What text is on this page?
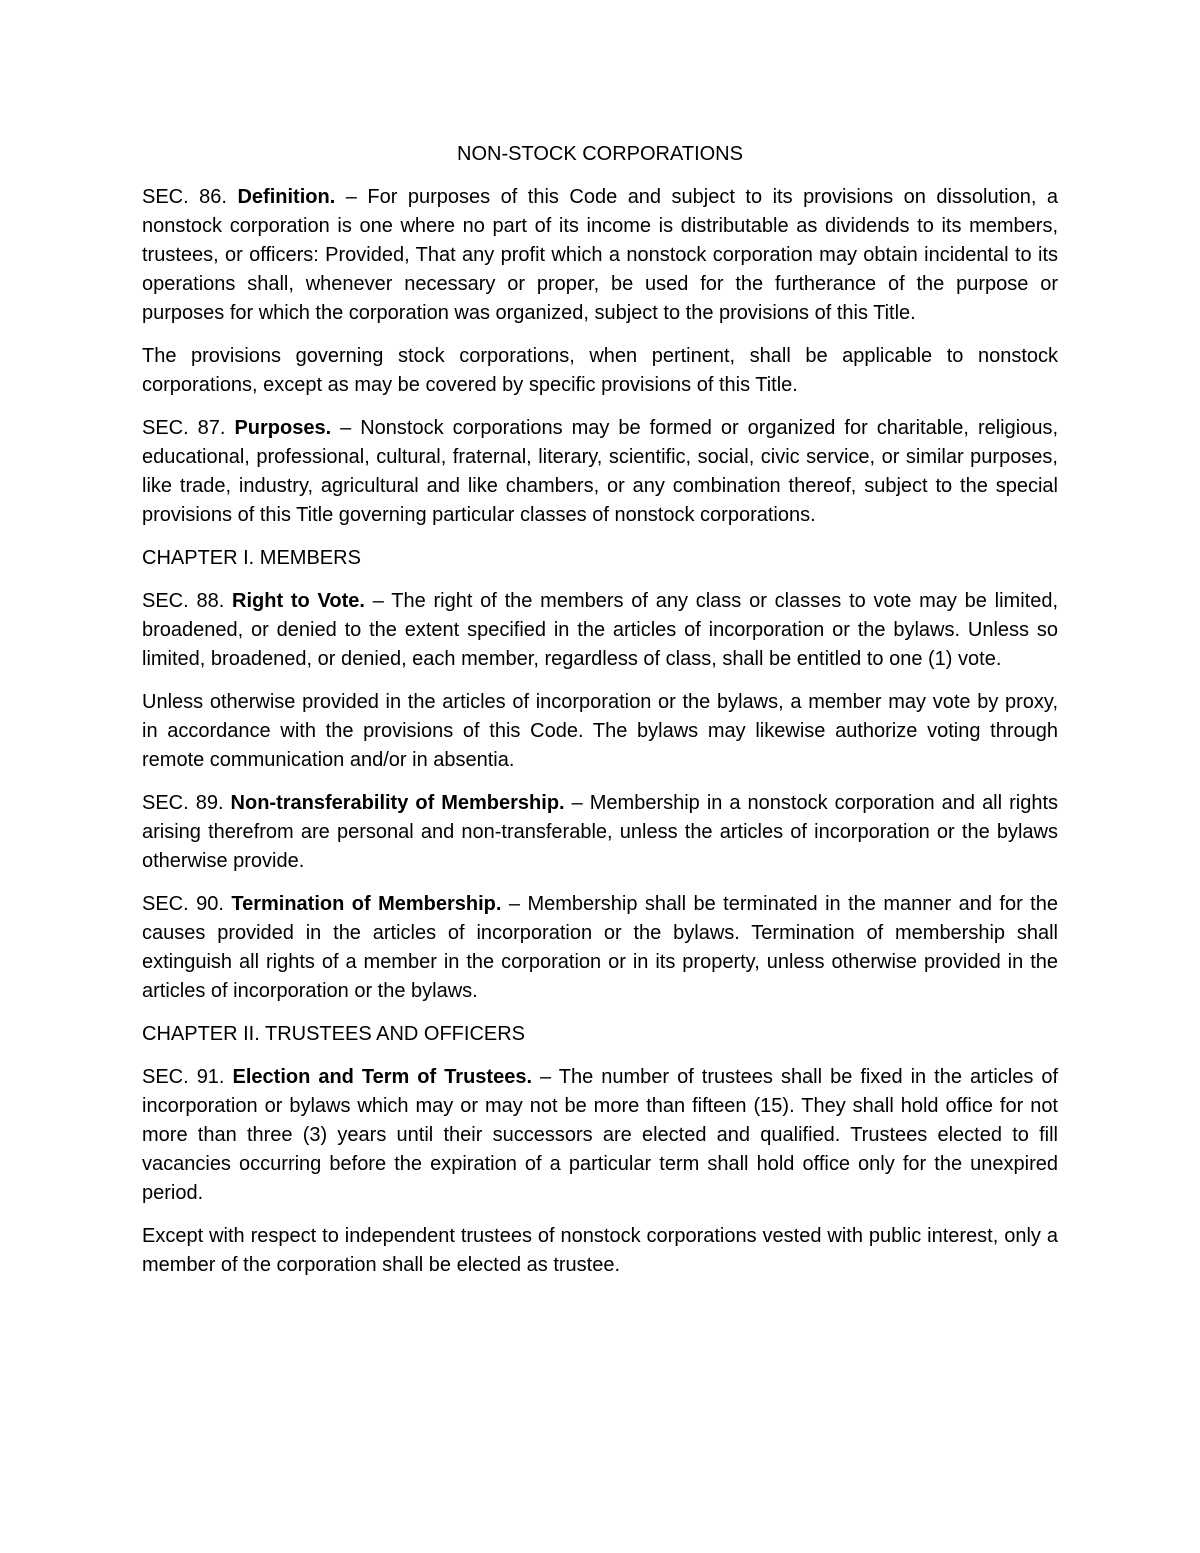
NON-STOCK CORPORATIONS

SEC. 86. Definition. – For purposes of this Code and subject to its provisions on dissolution, a nonstock corporation is one where no part of its income is distributable as dividends to its members, trustees, or officers: Provided, That any profit which a nonstock corporation may obtain incidental to its operations shall, whenever necessary or proper, be used for the furtherance of the purpose or purposes for which the corporation was organized, subject to the provisions of this Title.

The provisions governing stock corporations, when pertinent, shall be applicable to nonstock corporations, except as may be covered by specific provisions of this Title.

SEC. 87. Purposes. – Nonstock corporations may be formed or organized for charitable, religious, educational, professional, cultural, fraternal, literary, scientific, social, civic service, or similar purposes, like trade, industry, agricultural and like chambers, or any combination thereof, subject to the special provisions of this Title governing particular classes of nonstock corporations.

CHAPTER I. MEMBERS

SEC. 88. Right to Vote. – The right of the members of any class or classes to vote may be limited, broadened, or denied to the extent specified in the articles of incorporation or the bylaws. Unless so limited, broadened, or denied, each member, regardless of class, shall be entitled to one (1) vote.

Unless otherwise provided in the articles of incorporation or the bylaws, a member may vote by proxy, in accordance with the provisions of this Code. The bylaws may likewise authorize voting through remote communication and/or in absentia.

SEC. 89. Non-transferability of Membership. – Membership in a nonstock corporation and all rights arising therefrom are personal and non-transferable, unless the articles of incorporation or the bylaws otherwise provide.

SEC. 90. Termination of Membership. – Membership shall be terminated in the manner and for the causes provided in the articles of incorporation or the bylaws. Termination of membership shall extinguish all rights of a member in the corporation or in its property, unless otherwise provided in the articles of incorporation or the bylaws.

CHAPTER II. TRUSTEES AND OFFICERS

SEC. 91. Election and Term of Trustees. – The number of trustees shall be fixed in the articles of incorporation or bylaws which may or may not be more than fifteen (15). They shall hold office for not more than three (3) years until their successors are elected and qualified. Trustees elected to fill vacancies occurring before the expiration of a particular term shall hold office only for the unexpired period.

Except with respect to independent trustees of nonstock corporations vested with public interest, only a member of the corporation shall be elected as trustee.
